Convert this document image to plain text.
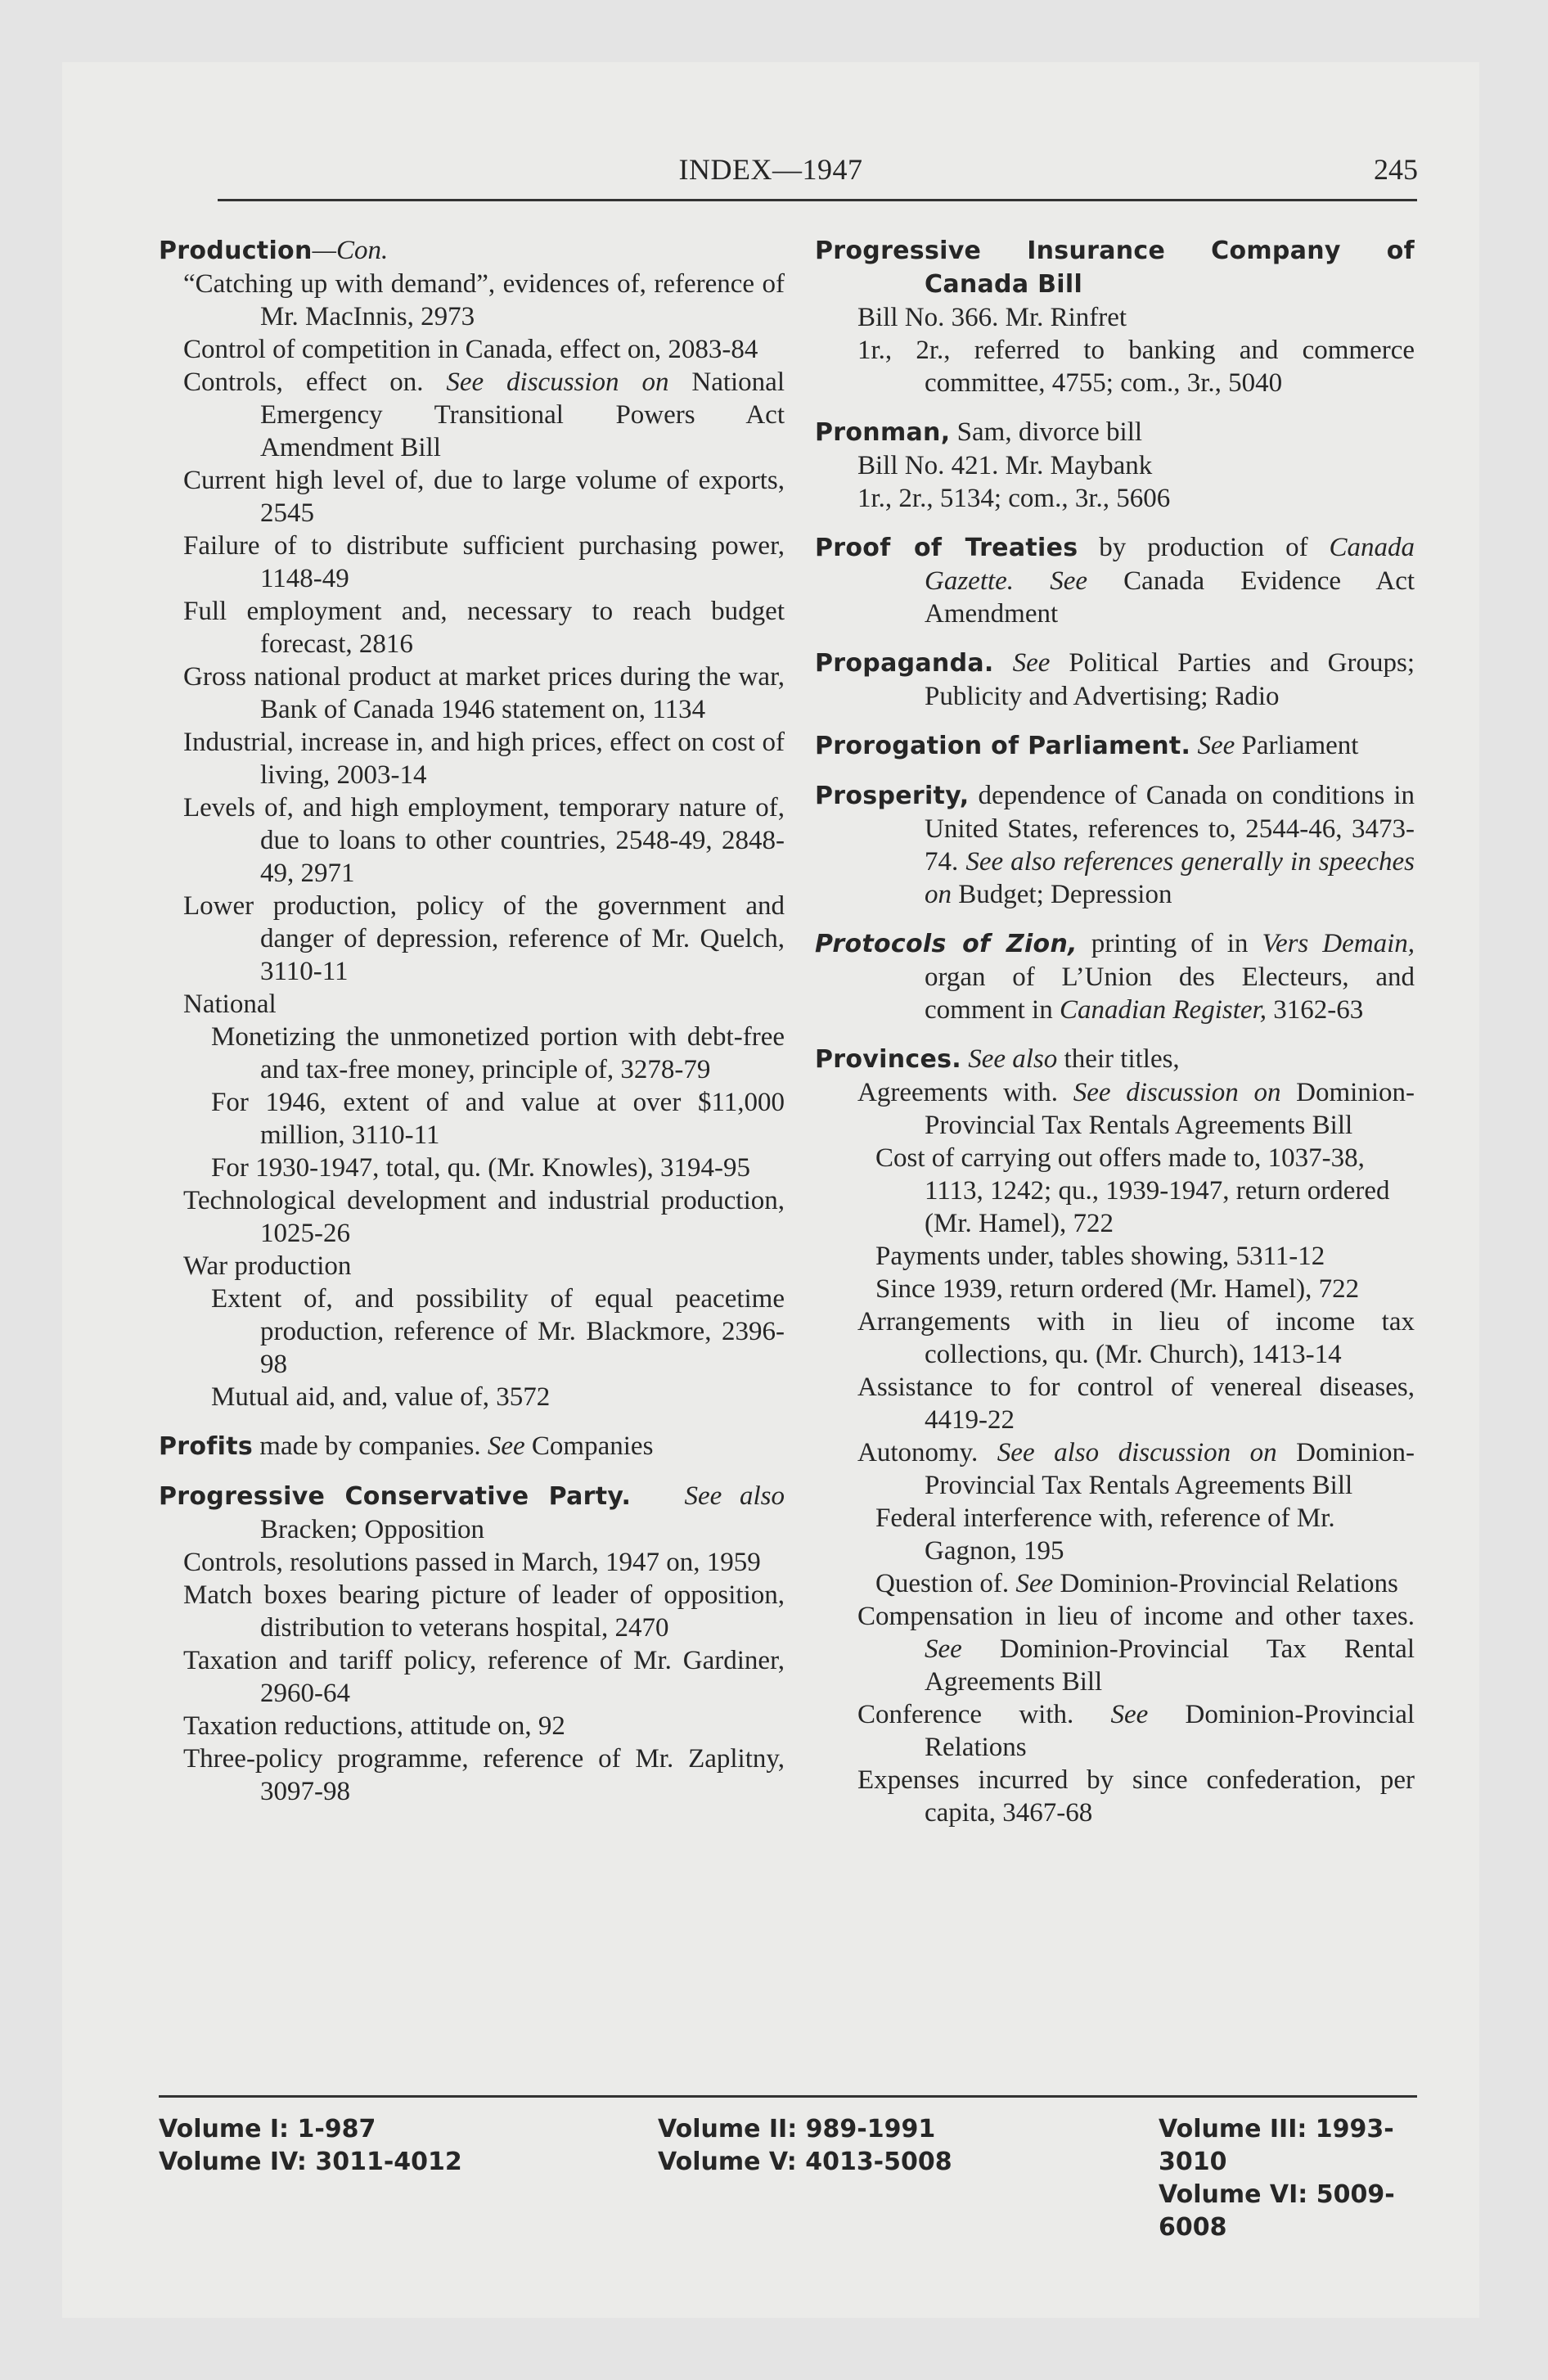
INDEX—1947	245
Production—Con.
“Catching up with demand”, evidences of, reference of Mr. MacInnis, 2973
Control of competition in Canada, effect on, 2083-84
Controls, effect on. See discussion on National Emergency Transitional Powers Act Amendment Bill
Current high level of, due to large volume of exports, 2545
Failure of to distribute sufficient purchasing power, 1148-49
Full employment and, necessary to reach budget forecast, 2816
Gross national product at market prices during the war, Bank of Canada 1946 statement on, 1134
Industrial, increase in, and high prices, effect on cost of living, 2003-14
Levels of, and high employment, temporary nature of, due to loans to other countries, 2548-49, 2848-49, 2971
Lower production, policy of the government and danger of depression, reference of Mr. Quelch, 3110-11
National
Monetizing the unmonetized portion with debt-free and tax-free money, principle of, 3278-79
For 1946, extent of and value at over $11,000 million, 3110-11
For 1930-1947, total, qu. (Mr. Knowles), 3194-95
Technological development and industrial production, 1025-26
War production
Extent of, and possibility of equal peacetime production, reference of Mr. Blackmore, 2396-98
Mutual aid, and, value of, 3572
Profits made by companies. See Companies
Progressive Conservative Party. See also Bracken; Opposition
Controls, resolutions passed in March, 1947 on, 1959
Match boxes bearing picture of leader of opposition, distribution to veterans hospital, 2470
Taxation and tariff policy, reference of Mr. Gardiner, 2960-64
Taxation reductions, attitude on, 92
Three-policy programme, reference of Mr. Zaplitny, 3097-98
Progressive Insurance Company of Canada Bill
Bill No. 366. Mr. Rinfret
1r., 2r., referred to banking and commerce committee, 4755; com., 3r., 5040
Pronman, Sam, divorce bill
Bill No. 421. Mr. Maybank
1r., 2r., 5134; com., 3r., 5606
Proof of Treaties by production of Canada Gazette. See Canada Evidence Act Amendment
Propaganda. See Political Parties and Groups; Publicity and Advertising; Radio
Prorogation of Parliament. See Parliament
Prosperity, dependence of Canada on conditions in United States, references to, 2544-46, 3473-74. See also references generally in speeches on Budget; Depression
Protocols of Zion, printing of in Vers Demain, organ of L’Union des Electeurs, and comment in Canadian Register, 3162-63
Provinces. See also their titles,
Agreements with. See discussion on Dominion-Provincial Tax Rentals Agreements Bill
Cost of carrying out offers made to, 1037-38, 1113, 1242; qu., 1939-1947, return ordered (Mr. Hamel), 722
Payments under, tables showing, 5311-12
Since 1939, return ordered (Mr. Hamel), 722
Arrangements with in lieu of income tax collections, qu. (Mr. Church), 1413-14
Assistance to for control of venereal diseases, 4419-22
Autonomy. See also discussion on Dominion-Provincial Tax Rentals Agreements Bill
Federal interference with, reference of Mr. Gagnon, 195
Question of. See Dominion-Provincial Relations
Compensation in lieu of income and other taxes. See Dominion-Provincial Tax Rental Agreements Bill
Conference with. See Dominion-Provincial Relations
Expenses incurred by since confederation, per capita, 3467-68
Volume I: 1-987
Volume IV: 3011-4012
Volume II: 989-1991
Volume V: 4013-5008
Volume III: 1993-3010
Volume VI: 5009-6008
